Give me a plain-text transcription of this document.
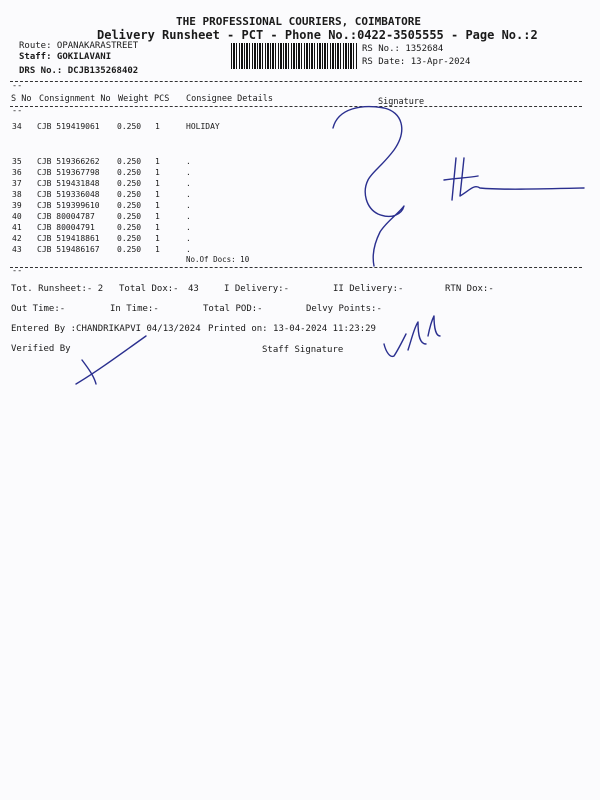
THE PROFESSIONAL COURIERS, COIMBATORE
Delivery Runsheet - PCT - Phone No.:0422-3505555 - Page No.:2
Route: OPANAKARASTREET
Staff: GOKILAVANI
DRS No.: DCJB135268402
RS No.: 1352684
RS Date: 13-Apr-2024
--
S No Consignment No Weight PCS Consignee Details	Signature
--
34 CJB 519419061 0.250 1	HOLIDAY
35 CJB 519366262 0.250 1	.
36 CJB 519367798 0.250 1	.
37 CJB 519431848 0.250 1	.
38 CJB 519336048 0.250 1	.
39 CJB 519399610 0.250 1	.
40 CJB 80004787	0.250 1	.
41 CJB 80004791	0.250 1	.
42 CJB 519418861 0.250 1	.
43 CJB 519486167 0.250 1	.
No.Of Docs: 10
--
Tot. Runsheet:- 2 Total Dox:- 43	I Delivery:-	II Delivery:-	RTN Dox:-
Out Time:-	In Time:-	Total POD:-	Delvy Points:-
Entered By :CHANDRIKAPVI 04/13/2024 Printed on: 13-04-2024 11:23:29
Verified By	Staff Signature
